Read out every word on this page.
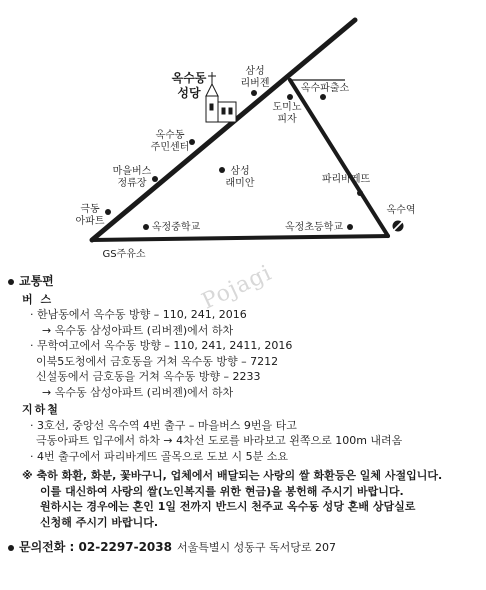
옥수동
성당
삼성
리버젠	옥수파출소
도미노
피자
옥수동
주민센터
마을버스
정류장
삼성
래미안	파리바게뜨
극동
아파트
옥정중학교	옥정초등학교
옥수역
GS주유소
Pojagi
교통편
버 스
· 한남동에서 옥수동 방향 – 110, 241, 2016
→ 옥수동 삼성아파트 (리버젠)에서 하차
· 무학여고에서 옥수동 방향 – 110, 241, 2411, 2016
이북5도청에서 금호동을 거쳐 옥수동 방향 – 7212
신설동에서 금호동을 거쳐 옥수동 방향 – 2233
→ 옥수동 삼성아파트 (리버젠)에서 하차
지하철
· 3호선, 중앙선 옥수역 4번 출구 – 마을버스 9번을 타고
극동아파트 입구에서 하차 → 4차선 도로를 바라보고 왼쪽으로 100m 내려옴
· 4번 출구에서 파리바게뜨 골목으로 도보 시 5분 소요
※ 축하 화환, 화분, 꽃바구니, 업체에서 배달되는 사랑의 쌀 화환등은 일체 사절입니다.
이를 대신하여 사랑의 쌀(노인복지를 위한 현금)을 봉헌해 주시기 바랍니다.
원하시는 경우에는 혼인 1일 전까지 반드시 천주교 옥수동 성당 혼배 상담실로
신청해 주시기 바랍니다.
문의전화 : 02-2297-2038 서울특별시 성동구 독서당로 207
